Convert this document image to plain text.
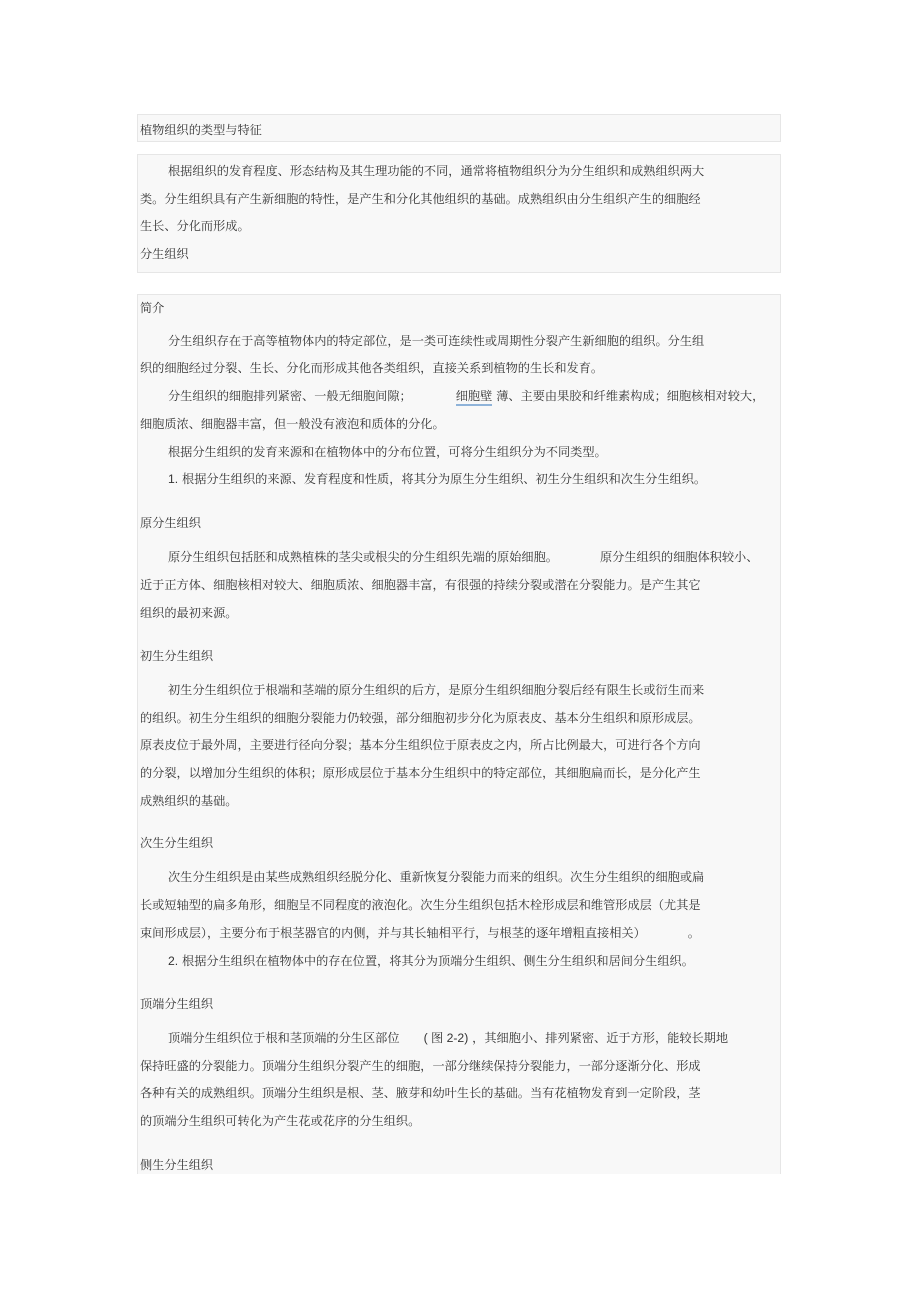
植物组织的类型与特征
根据组织的发育程度、形态结构及其生理功能的不同，通常将植物组织分为分生组织和成熟组织两大
类。分生组织具有产生新细胞的特性，是产生和分化其他组织的基础。成熟组织由分生组织产生的细胞经
生长、分化而形成。
分生组织
简介
分生组织存在于高等植物体内的特定部位，是一类可连续性或周期性分裂产生新细胞的组织。分生组
织的细胞经过分裂、生长、分化而形成其他各类组织，直接关系到植物的生长和发育。
分生组织的细胞排列紧密、一般无细胞间隙；	细胞壁 薄、主要由果胶和纤维素构成；细胞核相对较大，
细胞质浓、细胞器丰富，但一般没有液泡和质体的分化。
根据分生组织的发育来源和在植物体中的分布位置，可将分生组织分为不同类型。
1. 根据分生组织的来源、发育程度和性质，将其分为原生分生组织、初生分生组织和次生分生组织。
原分生组织
原分生组织包括胚和成熟植株的茎尖或根尖的分生组织先端的原始细胞。	原分生组织的细胞体积较小、
近于正方体、细胞核相对较大、细胞质浓、细胞器丰富，有很强的持续分裂或潜在分裂能力。是产生其它
组织的最初来源。
初生分生组织
初生分生组织位于根端和茎端的原分生组织的后方，是原分生组织细胞分裂后经有限生长或衍生而来
的组织。初生分生组织的细胞分裂能力仍较强，部分细胞初步分化为原表皮、基本分生组织和原形成层。
原表皮位于最外周，主要进行径向分裂；基本分生组织位于原表皮之内，所占比例最大，可进行各个方向
的分裂，以增加分生组织的体积；原形成层位于基本分生组织中的特定部位，其细胞扁而长，是分化产生
成熟组织的基础。
次生分生组织
次生分生组织是由某些成熟组织经脱分化、重新恢复分裂能力而来的组织。次生分生组织的细胞或扁
长或短轴型的扁多角形，细胞呈不同程度的液泡化。次生分生组织包括木栓形成层和维管形成层（尤其是
束间形成层），主要分布于根茎器官的内侧，并与其长轴相平行，与根茎的逐年增粗直接相关）	。
2. 根据分生组织在植物体中的存在位置，将其分为顶端分生组织、侧生分生组织和居间分生组织。
顶端分生组织
顶端分生组织位于根和茎顶端的分生区部位 ( 图 2-2) ，其细胞小、排列紧密、近于方形，能较长期地
保持旺盛的分裂能力。顶端分生组织分裂产生的细胞，一部分继续保持分裂能力，一部分逐渐分化、形成
各种有关的成熟组织。顶端分生组织是根、茎、腋芽和幼叶生长的基础。当有花植物发育到一定阶段，茎
的顶端分生组织可转化为产生花或花序的分生组织。
侧生分生组织
